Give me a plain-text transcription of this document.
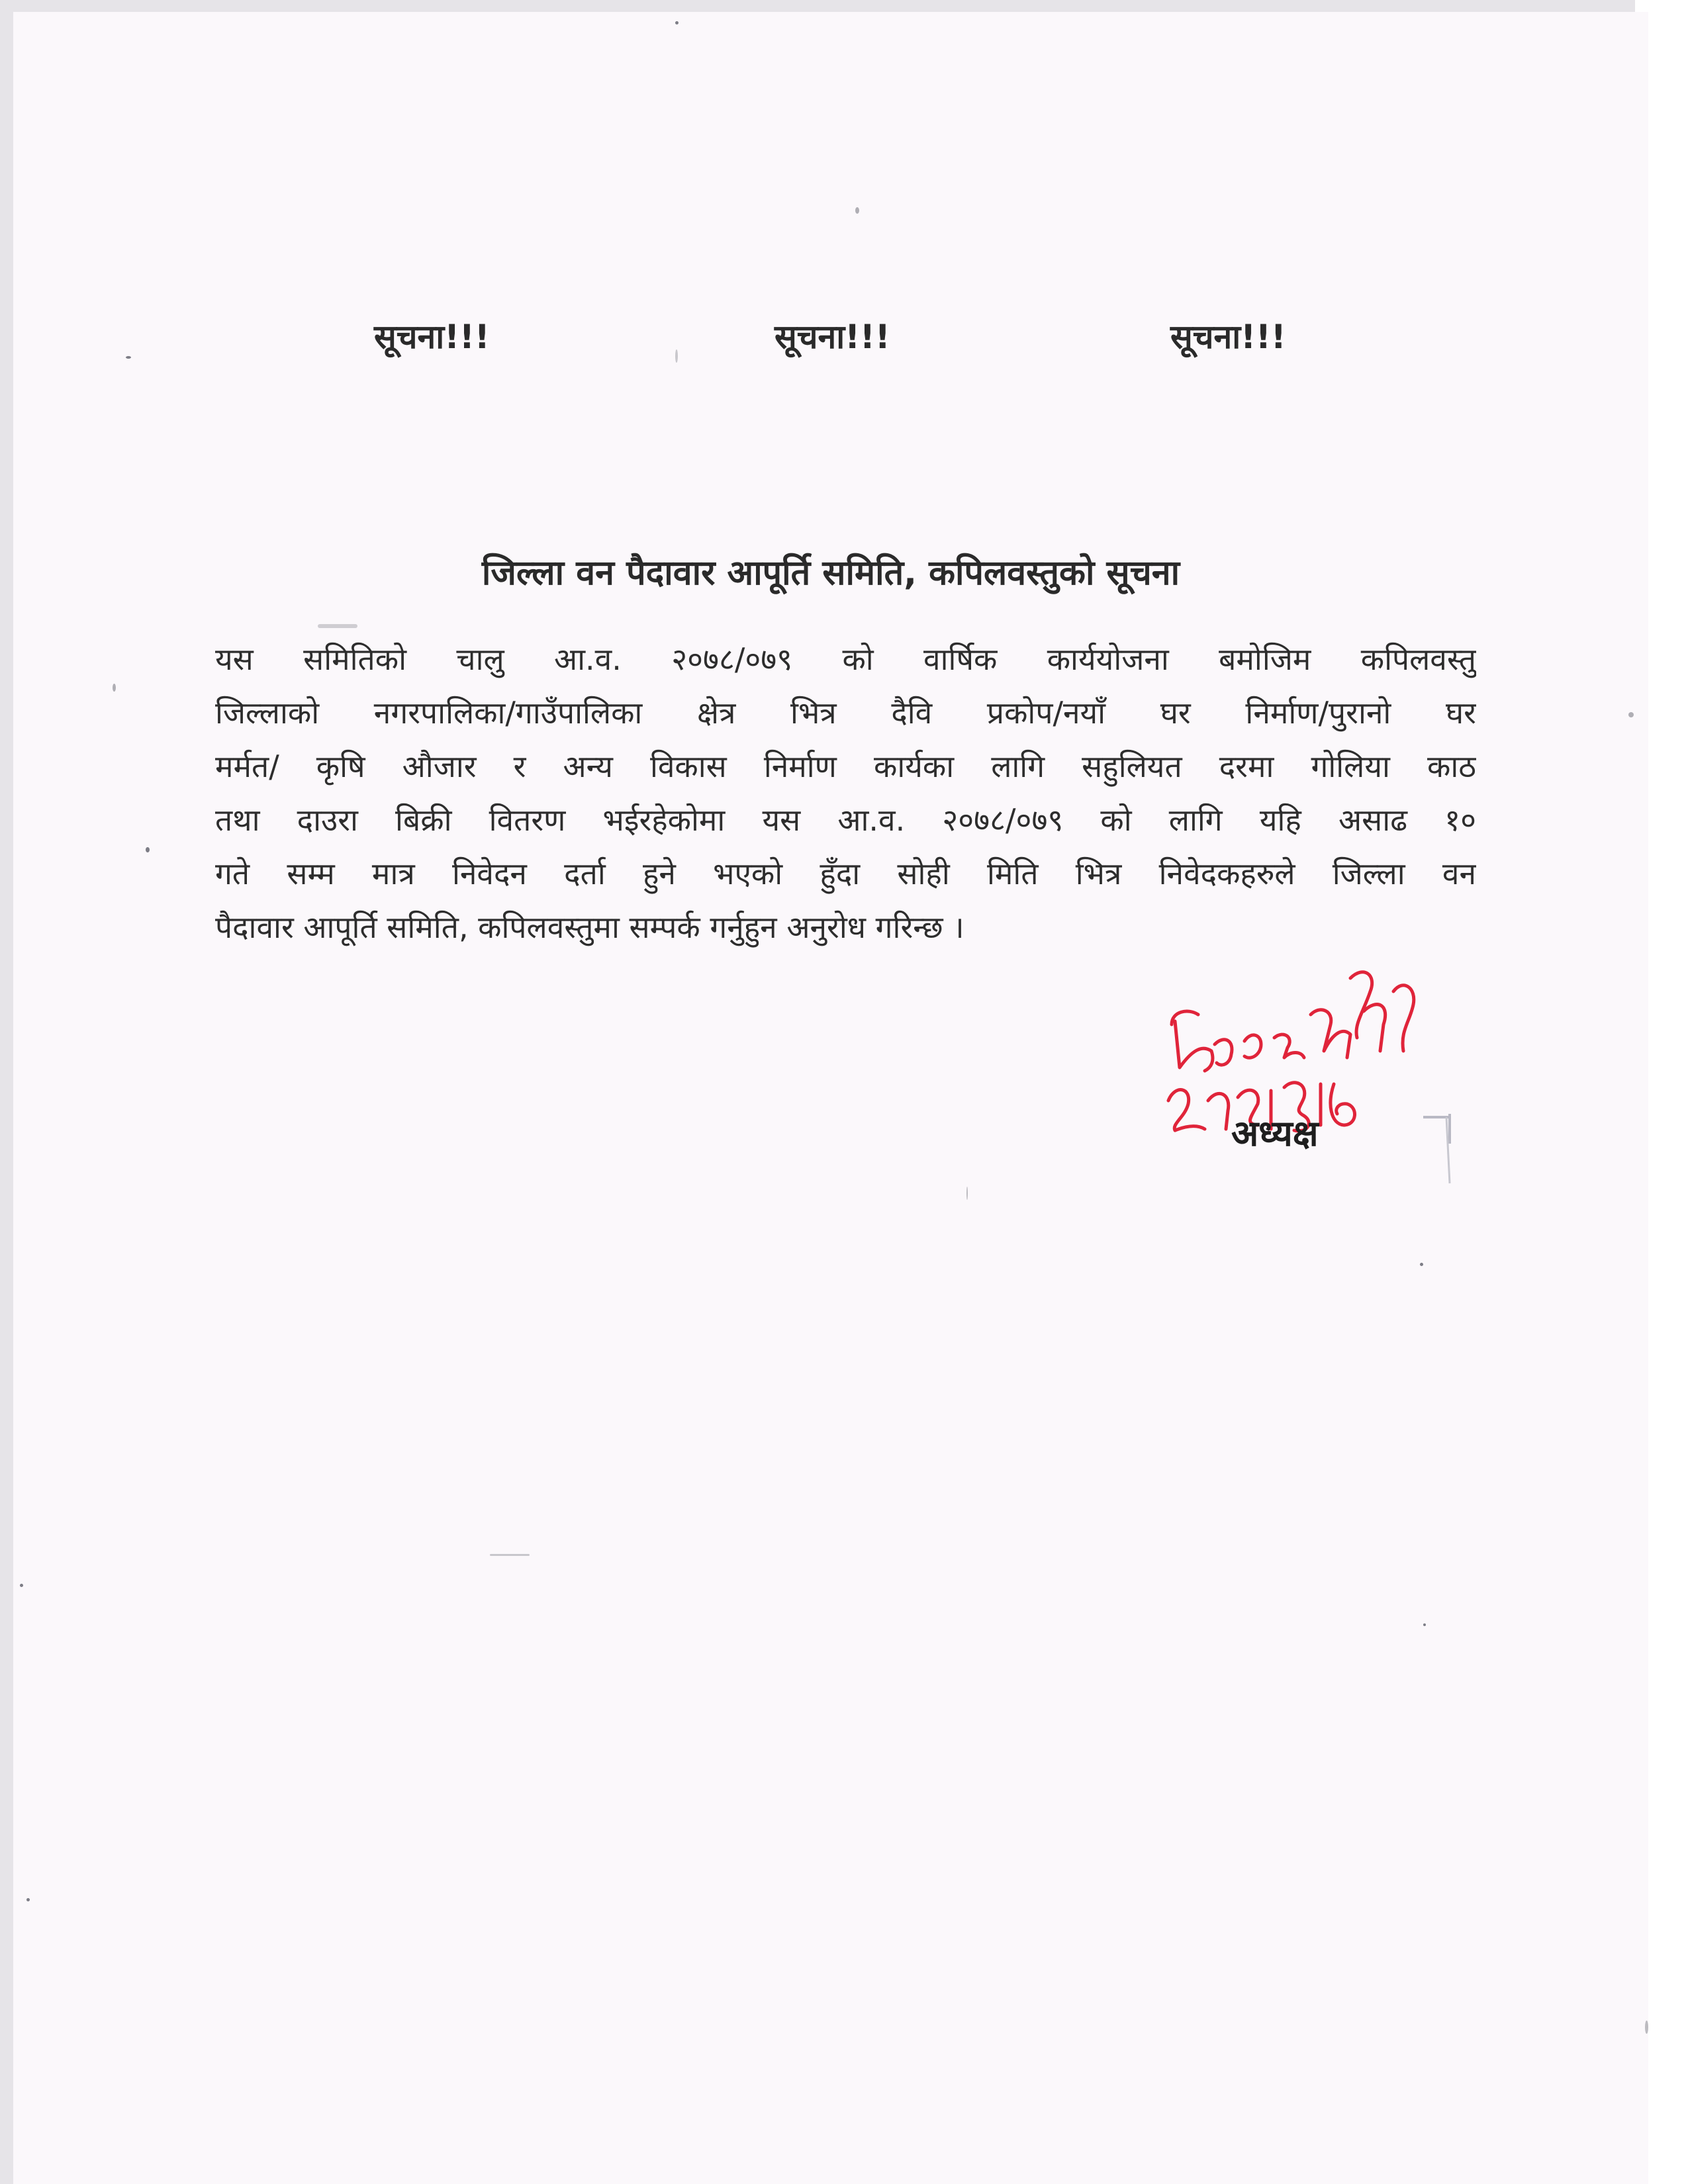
सूचना!!!	सूचना!!!	सूचना!!!
जिल्ला वन पैदावार आपूर्ति समिति, कपिलवस्तुको सूचना
यस समितिको चालु आ.व. २०७८/०७९ को वार्षिक कार्ययोजना बमोजिम कपिलवस्तु
जिल्लाको नगरपालिका/गाउँपालिका क्षेत्र भित्र दैवि प्रकोप/नयाँ घर निर्माण/पुरानो घर
मर्मत/ कृषि औजार र अन्य विकास निर्माण कार्यका लागि सहुलियत दरमा गोलिया काठ
तथा दाउरा बिक्री वितरण भईरहेकोमा यस आ.व. २०७८/०७९ को लागि यहि असाढ १०
गते सम्म मात्र निवेदन दर्ता हुने भएको हुँदा सोही मिति भित्र निवेदकहरुले जिल्ला वन
पैदावार आपूर्ति समिति, कपिलवस्तुमा सम्पर्क गर्नुहुन अनुरोध गरिन्छ ।
अध्यक्ष
